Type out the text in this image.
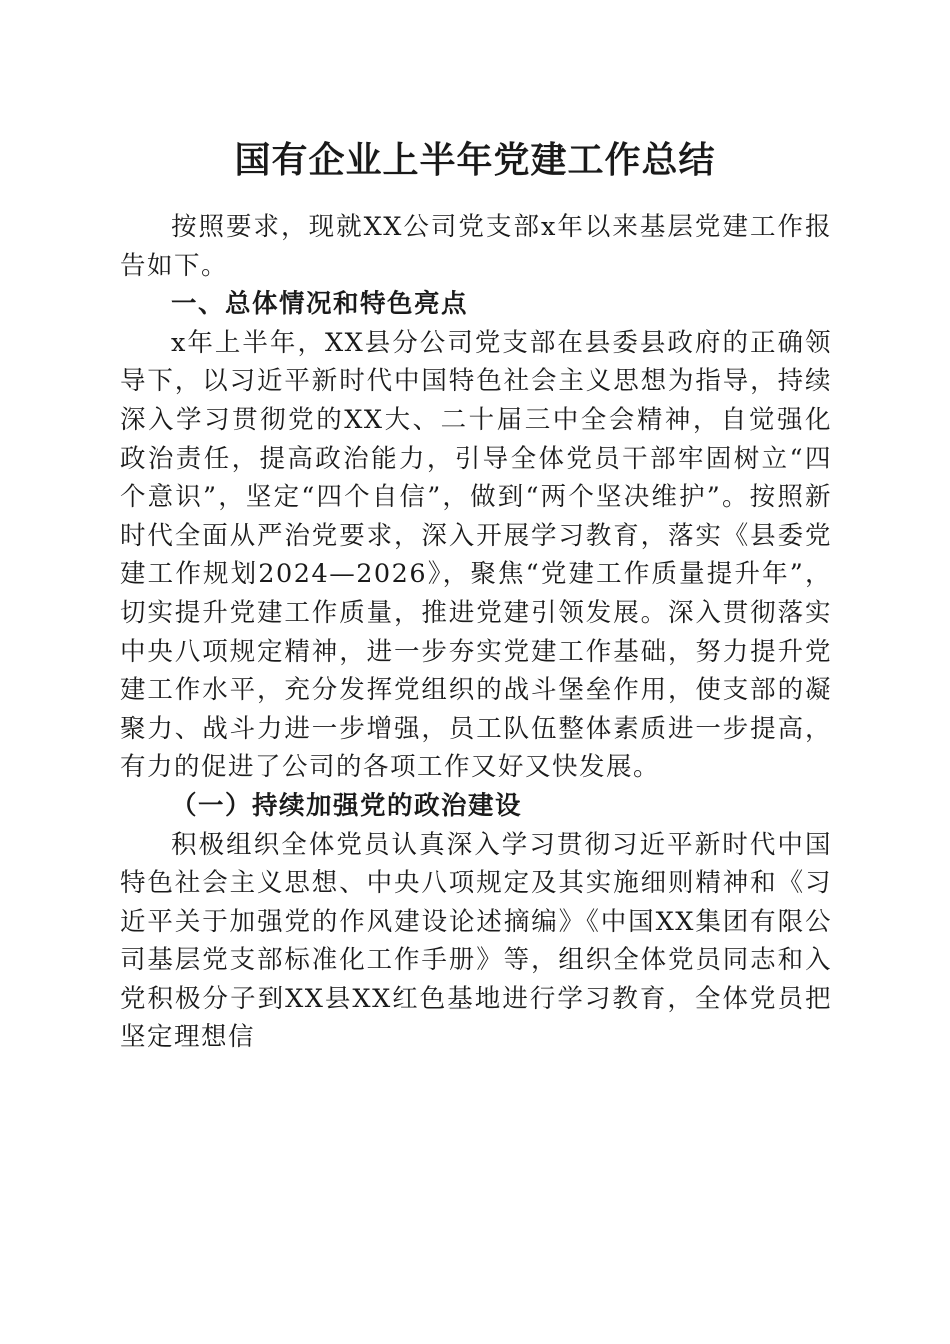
国有企业上半年党建工作总结

按照要求，现就XX公司党支部x年以来基层党建工作报告如下。

一、总体情况和特色亮点

x年上半年，XX县分公司党支部在县委县政府的正确领导下，以习近平新时代中国特色社会主义思想为指导，持续深入学习贯彻党的XX大、二十届三中全会精神，自觉强化政治责任，提高政治能力，引导全体党员干部牢固树立“四个意识”，坚定“四个自信”，做到“两个坚决维护”。按照新时代全面从严治党要求，深入开展学习教育，落实《县委党建工作规划2024—2026》，聚焦“党建工作质量提升年”，切实提升党建工作质量，推进党建引领发展。深入贯彻落实中央八项规定精神，进一步夯实党建工作基础，努力提升党建工作水平，充分发挥党组织的战斗堡垒作用，使支部的凝聚力、战斗力进一步增强，员工队伍整体素质进一步提高，有力的促进了公司的各项工作又好又快发展。

（一）持续加强党的政治建设

积极组织全体党员认真深入学习贯彻习近平新时代中国特色社会主义思想、中央八项规定及其实施细则精神和《习近平关于加强党的作风建设论述摘编》《中国XX集团有限公司基层党支部标准化工作手册》等，组织全体党员同志和入党积极分子到XX县XX红色基地进行学习教育，全体党员把坚定理想信
